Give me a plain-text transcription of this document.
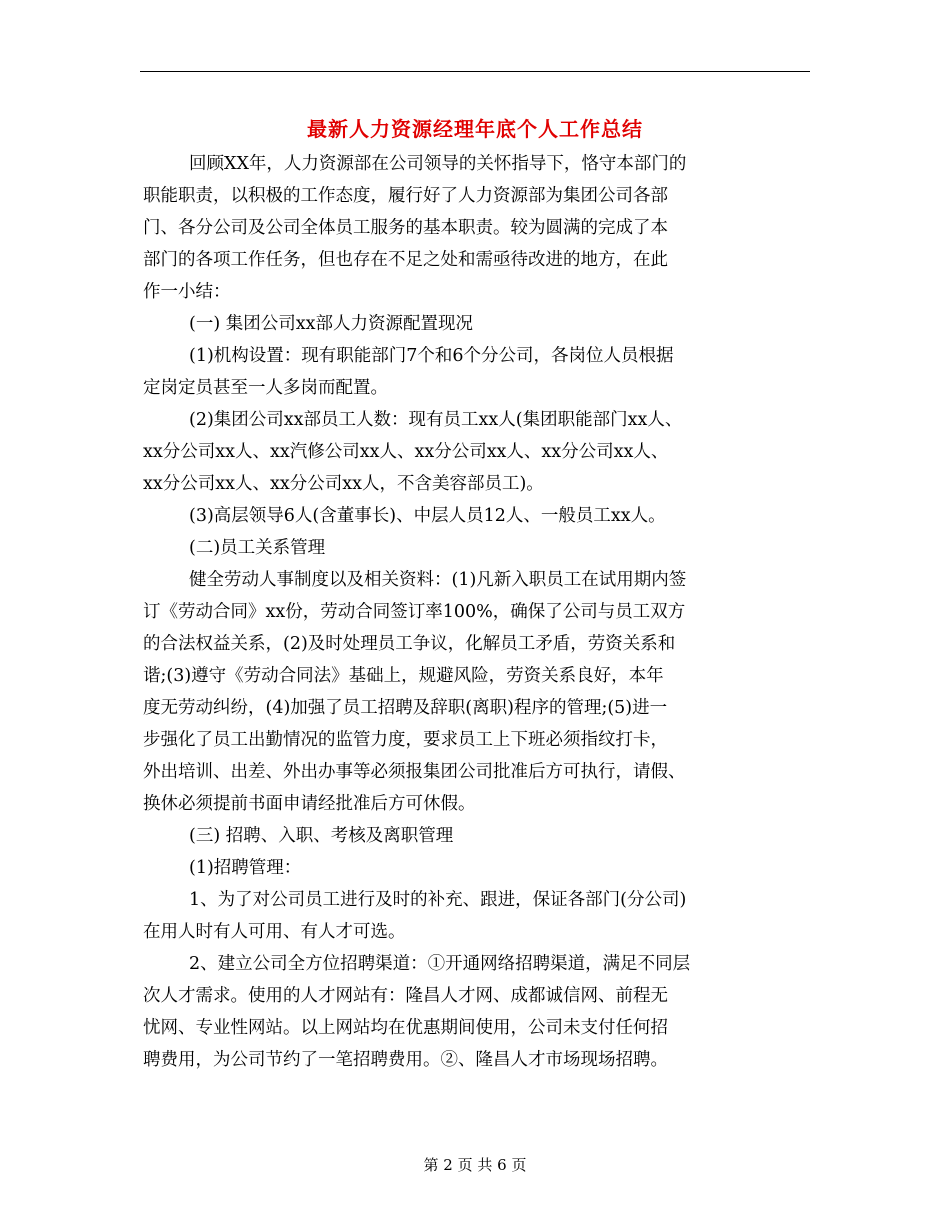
最新人力资源经理年底个人工作总结
回顾XX年，人力资源部在公司领导的关怀指导下，恪守本部门的
职能职责，以积极的工作态度，履行好了人力资源部为集团公司各部
门、各分公司及公司全体员工服务的基本职责。较为圆满的完成了本
部门的各项工作任务，但也存在不足之处和需亟待改进的地方，在此
作一小结：
(一) 集团公司xx部人力资源配置现况
(1)机构设置：现有职能部门7个和6个分公司，各岗位人员根据
定岗定员甚至一人多岗而配置。
(2)集团公司xx部员工人数：现有员工xx人(集团职能部门xx人、
xx分公司xx人、xx汽修公司xx人、xx分公司xx人、xx分公司xx人、
xx分公司xx人、xx分公司xx人，不含美容部员工)。
(3)高层领导6人(含董事长)、中层人员12人、一般员工xx人。
(二)员工关系管理
健全劳动人事制度以及相关资料：(1)凡新入职员工在试用期内签
订《劳动合同》xx份，劳动合同签订率100%，确保了公司与员工双方
的合法权益关系，(2)及时处理员工争议，化解员工矛盾，劳资关系和
谐;(3)遵守《劳动合同法》基础上，规避风险，劳资关系良好，本年
度无劳动纠纷，(4)加强了员工招聘及辞职(离职)程序的管理;(5)进一
步强化了员工出勤情况的监管力度，要求员工上下班必须指纹打卡，
外出培训、出差、外出办事等必须报集团公司批准后方可执行，请假、
换休必须提前书面申请经批准后方可休假。
(三) 招聘、入职、考核及离职管理
(1)招聘管理：
1、为了对公司员工进行及时的补充、跟进，保证各部门(分公司)
在用人时有人可用、有人才可选。
2、建立公司全方位招聘渠道：①开通网络招聘渠道，满足不同层
次人才需求。使用的人才网站有：隆昌人才网、成都诚信网、前程无
忧网、专业性网站。以上网站均在优惠期间使用，公司未支付任何招
聘费用，为公司节约了一笔招聘费用。②、隆昌人才市场现场招聘。
第 2 页 共 6 页
